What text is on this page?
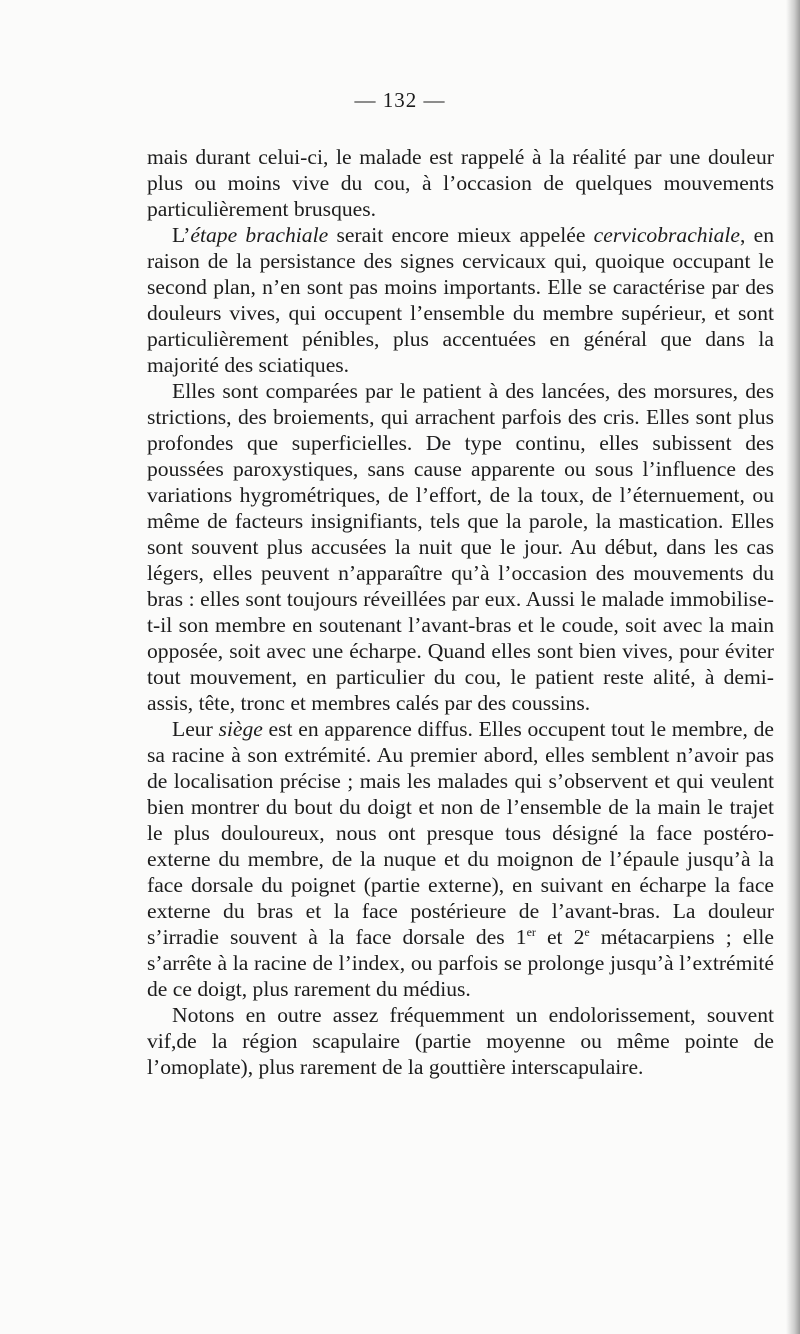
— 132 —

mais durant celui-ci, le malade est rappelé à la réalité par une douleur plus ou moins vive du cou, à l’occasion de quelques mouvements particulièrement brusques.

L’étape brachiale serait encore mieux appelée cervicobrachiale, en raison de la persistance des signes cervicaux qui, quoique occupant le second plan, n’en sont pas moins importants. Elle se caractérise par des douleurs vives, qui occupent l’ensemble du membre supérieur, et sont particulièrement pénibles, plus accentuées en général que dans la majorité des sciatiques.

Elles sont comparées par le patient à des lancées, des morsures, des strictions, des broiements, qui arrachent parfois des cris. Elles sont plus profondes que superficielles. De type continu, elles subissent des poussées paroxystiques, sans cause apparente ou sous l’influence des variations hygrométriques, de l’effort, de la toux, de l’éternuement, ou même de facteurs insignifiants, tels que la parole, la mastication. Elles sont souvent plus accusées la nuit que le jour. Au début, dans les cas légers, elles peuvent n’apparaître qu’à l’occasion des mouvements du bras : elles sont toujours réveillées par eux. Aussi le malade immobilise-t-il son membre en soutenant l’avant-bras et le coude, soit avec la main opposée, soit avec une écharpe. Quand elles sont bien vives, pour éviter tout mouvement, en particulier du cou, le patient reste alité, à demi-assis, tête, tronc et membres calés par des coussins.

Leur siège est en apparence diffus. Elles occupent tout le membre, de sa racine à son extrémité. Au premier abord, elles semblent n’avoir pas de localisation précise ; mais les malades qui s’observent et qui veulent bien montrer du bout du doigt et non de l’ensemble de la main le trajet le plus douloureux, nous ont presque tous désigné la face postéro-externe du membre, de la nuque et du moignon de l’épaule jusqu’à la face dorsale du poignet (partie externe), en suivant en écharpe la face externe du bras et la face postérieure de l’avant-bras. La douleur s’irradie souvent à la face dorsale des 1er et 2e métacarpiens ; elle s’arrête à la racine de l’index, ou parfois se prolonge jusqu’à l’extrémité de ce doigt, plus rarement du médius.

Notons en outre assez fréquemment un endolorissement, souvent vif,de la région scapulaire (partie moyenne ou même pointe de l’omoplate), plus rarement de la gouttière interscapulaire.
